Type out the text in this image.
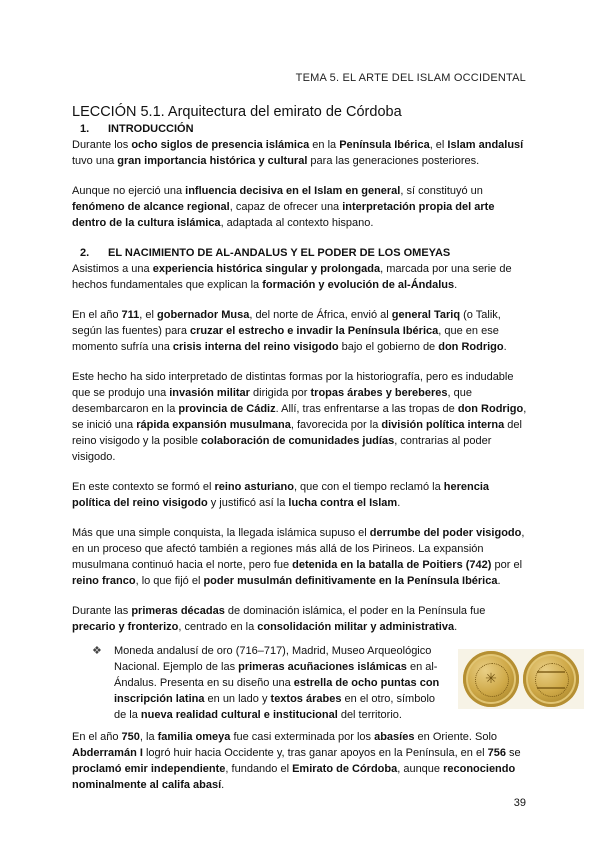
TEMA 5. EL ARTE DEL ISLAM OCCIDENTAL
LECCIÓN 5.1. Arquitectura del emirato de Córdoba
1. INTRODUCCIÓN

Durante los ocho siglos de presencia islámica en la Península Ibérica, el Islam andalusí tuvo una gran importancia histórica y cultural para las generaciones posteriores.

Aunque no ejerció una influencia decisiva en el Islam en general, sí constituyó un fenómeno de alcance regional, capaz de ofrecer una interpretación propia del arte dentro de la cultura islámica, adaptada al contexto hispano.

2. EL NACIMIENTO DE AL-ANDALUS Y EL PODER DE LOS OMEYAS

Asistimos a una experiencia histórica singular y prolongada, marcada por una serie de hechos fundamentales que explican la formación y evolución de al-Ándalus.

En el año 711, el gobernador Musa, del norte de África, envió al general Tariq (o Talik, según las fuentes) para cruzar el estrecho e invadir la Península Ibérica, que en ese momento sufría una crisis interna del reino visigodo bajo el gobierno de don Rodrigo.

Este hecho ha sido interpretado de distintas formas por la historiografía, pero es indudable que se produjo una invasión militar dirigida por tropas árabes y bereberes, que desembarcaron en la provincia de Cádiz. Allí, tras enfrentarse a las tropas de don Rodrigo, se inició una rápida expansión musulmana, favorecida por la división política interna del reino visigodo y la posible colaboración de comunidades judías, contrarias al poder visigodo.

En este contexto se formó el reino asturiano, que con el tiempo reclamó la herencia política del reino visigodo y justificó así la lucha contra el Islam.

Más que una simple conquista, la llegada islámica supuso el derrumbe del poder visigodo, en un proceso que afectó también a regiones más allá de los Pirineos. La expansión musulmana continuó hacia el norte, pero fue detenida en la batalla de Poitiers (742) por el reino franco, lo que fijó el poder musulmán definitivamente en la Península Ibérica.

Durante las primeras décadas de dominación islámica, el poder en la Península fue precario y fronterizo, centrado en la consolidación militar y administrativa.

❖	Moneda andalusí de oro (716–717), Madrid, Museo Arqueológico Nacional. Ejemplo de las primeras acuñaciones islámicas en al-Ándalus. Presenta en su diseño una estrella de ocho puntas con inscripción latina en un lado y textos árabes en el otro, símbolo de la nueva realidad cultural e institucional del territorio.

✳

En el año 750, la familia omeya fue casi exterminada por los abasíes en Oriente. Solo Abderramán I logró huir hacia Occidente y, tras ganar apoyos en la Península, en el 756 se proclamó emir independiente, fundando el Emirato de Córdoba, aunque reconociendo nominalmente al califa abasí.

39
